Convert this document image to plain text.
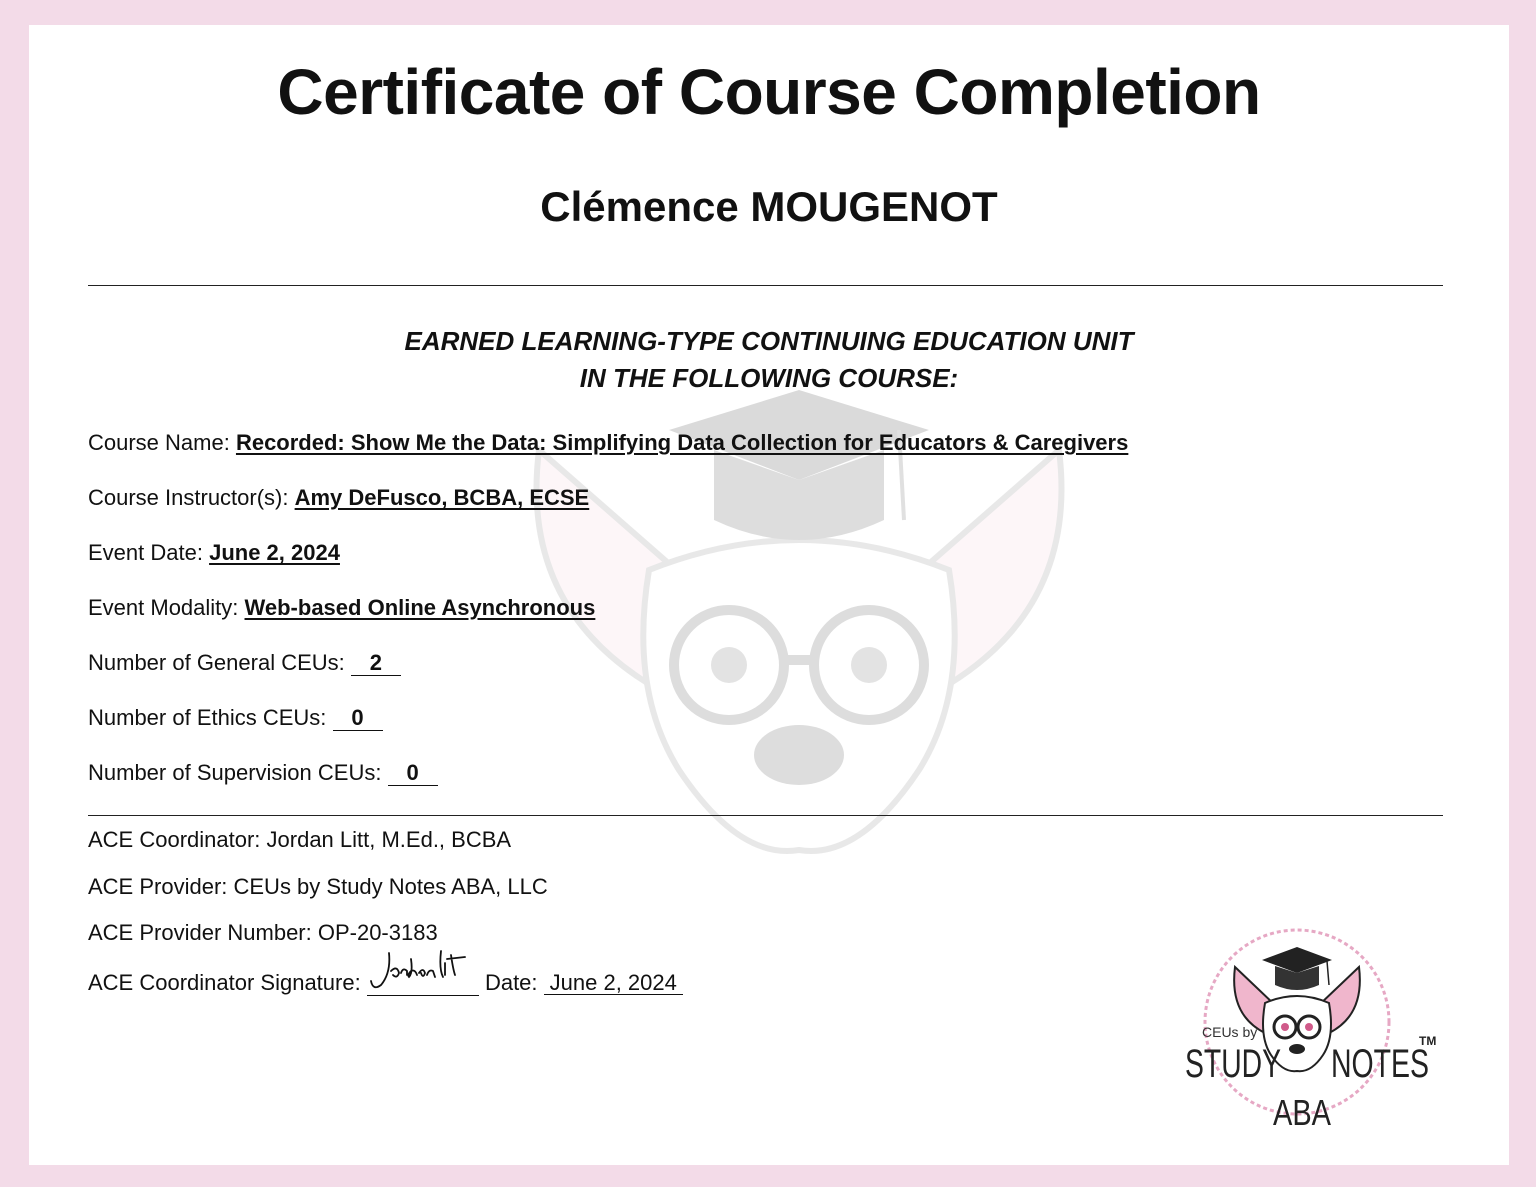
Certificate of Course Completion
Clémence MOUGENOT
EARNED LEARNING-TYPE CONTINUING EDUCATION UNIT
IN THE FOLLOWING COURSE:
Course Name: Recorded: Show Me the Data: Simplifying Data Collection for Educators & Caregivers
Course Instructor(s): Amy DeFusco, BCBA, ECSE
Event Date: June 2, 2024
Event Modality: Web-based Online Asynchronous
Number of General CEUs: 2
Number of Ethics CEUs: 0
Number of Supervision CEUs: 0
ACE Coordinator: Jordan Litt, M.Ed., BCBA
ACE Provider: CEUs by Study Notes ABA, LLC
ACE Provider Number: OP-20-3183
ACE Coordinator Signature:	Date: June 2, 2024
CEUs by
STUDY NOTES
ABA
TM
